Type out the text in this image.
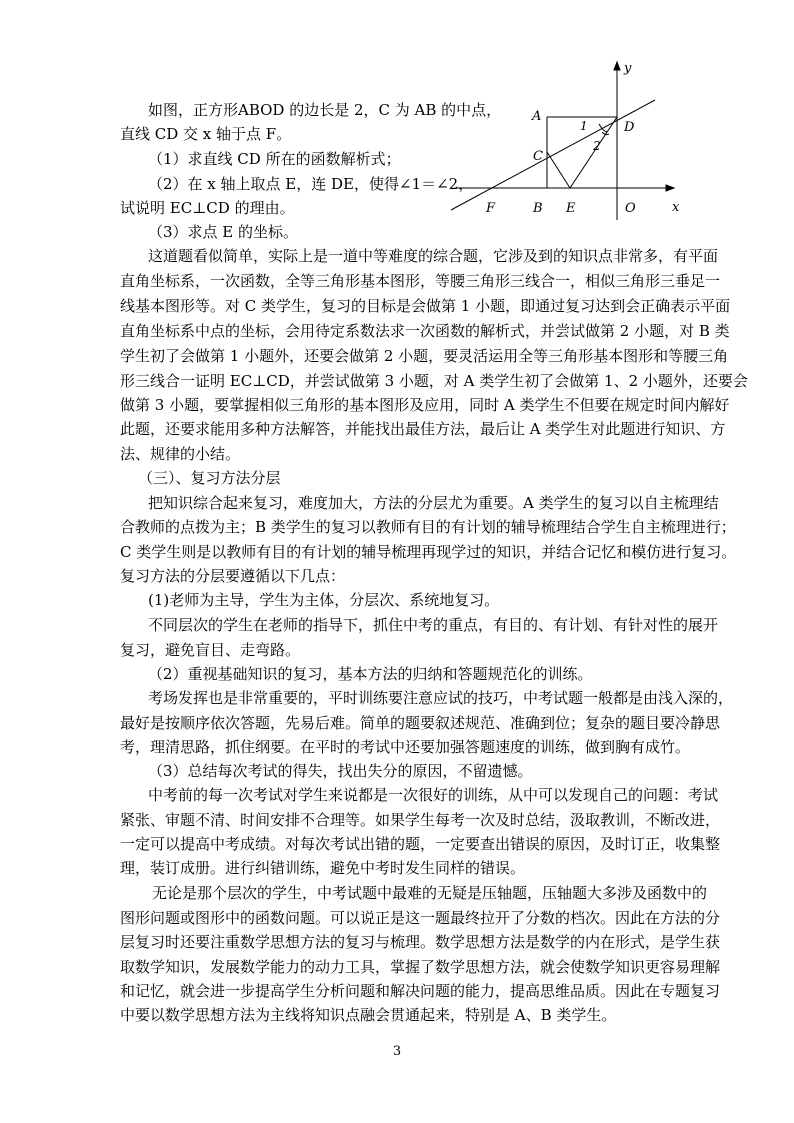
如图，正方形ABOD 的边长是 2，C 为 AB 的中点，
直线 CD 交 x 轴于点 F。
（1）求直线 CD 所在的函数解析式；
（2）在 x 轴上取点 E，连 DE，使得∠1＝∠2，
试说明 EC⊥CD 的理由。
（3）求点 E 的坐标。
y
x
A
D
C
1
2
F	B E	O
这道题看似简单，实际上是一道中等难度的综合题，它涉及到的知识点非常多，有平面
直角坐标系，一次函数，全等三角形基本图形，等腰三角形三线合一，相似三角形三垂足一
线基本图形等。对 C 类学生，复习的目标是会做第 1 小题，即通过复习达到会正确表示平面
直角坐标系中点的坐标，会用待定系数法求一次函数的解析式，并尝试做第 2 小题，对 B 类
学生初了会做第 1 小题外，还要会做第 2 小题，要灵活运用全等三角形基本图形和等腰三角
形三线合一证明 EC⊥CD，并尝试做第 3 小题，对 A 类学生初了会做第 1、2 小题外，还要会
做第 3 小题，要掌握相似三角形的基本图形及应用，同时 A 类学生不但要在规定时间内解好
此题，还要求能用多种方法解答，并能找出最佳方法，最后让 A 类学生对此题进行知识、方
法、规律的小结。
（三）、复习方法分层
把知识综合起来复习，难度加大，方法的分层尤为重要。A 类学生的复习以自主梳理结
合教师的点拨为主；B 类学生的复习以教师有目的有计划的辅导梳理结合学生自主梳理进行；
C 类学生则是以教师有目的有计划的辅导梳理再现学过的知识，并结合记忆和模仿进行复习。
复习方法的分层要遵循以下几点：
(1)老师为主导，学生为主体，分层次、系统地复习。
不同层次的学生在老师的指导下，抓住中考的重点，有目的、有计划、有针对性的展开
复习，避免盲目、走弯路。
（2）重视基础知识的复习，基本方法的归纳和答题规范化的训练。
考场发挥也是非常重要的，平时训练要注意应试的技巧，中考试题一般都是由浅入深的，
最好是按顺序依次答题，先易后难。简单的题要叙述规范、准确到位；复杂的题目要冷静思
考，理清思路，抓住纲要。在平时的考试中还要加强答题速度的训练，做到胸有成竹。
（3）总结每次考试的得失，找出失分的原因，不留遗憾。
中考前的每一次考试对学生来说都是一次很好的训练，从中可以发现自己的问题：考试
紧张、审题不清、时间安排不合理等。如果学生每考一次及时总结，汲取教训，不断改进，
一定可以提高中考成绩。对每次考试出错的题，一定要查出错误的原因，及时订正，收集整
理，装订成册。进行纠错训练，避免中考时发生同样的错误。
无论是那个层次的学生，中考试题中最难的无疑是压轴题，压轴题大多涉及函数中的
图形问题或图形中的函数问题。可以说正是这一题最终拉开了分数的档次。因此在方法的分
层复习时还要注重数学思想方法的复习与梳理。数学思想方法是数学的内在形式，是学生获
取数学知识，发展数学能力的动力工具，掌握了数学思想方法，就会使数学知识更容易理解
和记忆，就会进一步提高学生分析问题和解决问题的能力，提高思维品质。因此在专题复习
中要以数学思想方法为主线将知识点融会贯通起来，特别是 A、B 类学生。
3
